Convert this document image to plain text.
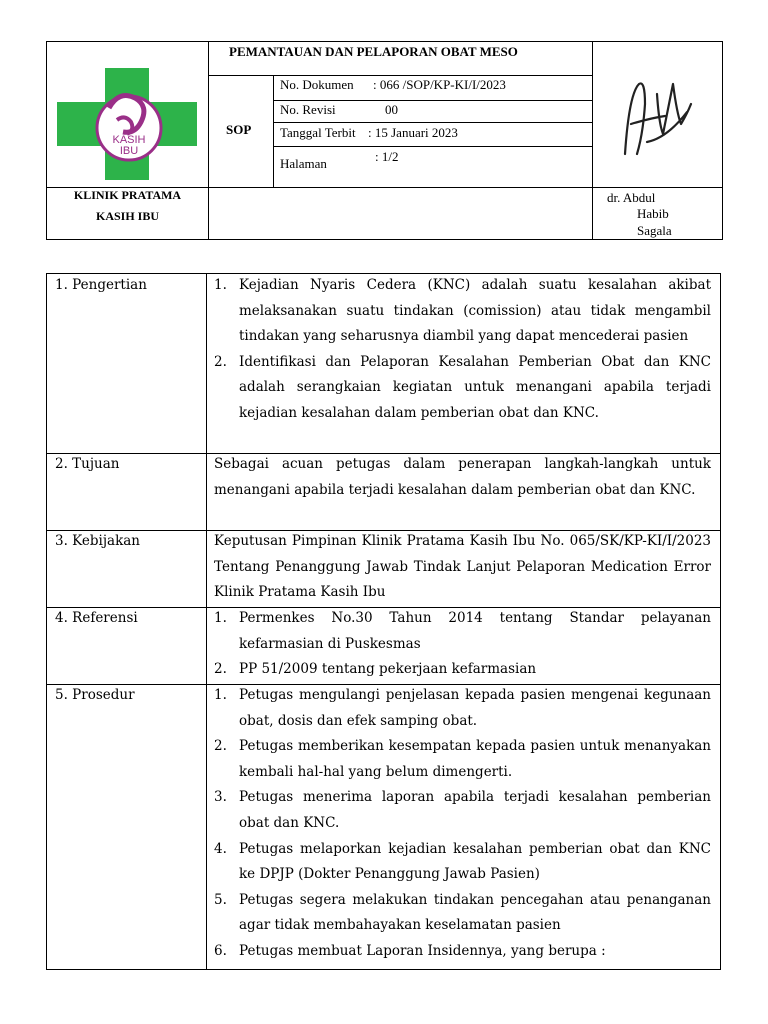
KASIH
IBU
PEMANTAUAN DAN PELAPORAN OBAT MESO
SOP
No. Dokumen : 066 /SOP/KP-KI/I/2023
No. Revisi	00
Tanggal Terbit : 15 Januari 2023
Halaman	: 1/2
KLINIK PRATAMA
KASIH IBU
dr. Abdul
Habib
Sagala
1. Pengertian	1. Kejadian Nyaris Cedera (KNC) adalah suatu kesalahan akibat melaksanakan suatu tindakan (comission) atau tidak mengambil tindakan yang seharusnya diambil yang dapat mencederai pasien
2. Identifikasi dan Pelaporan Kesalahan Pemberian Obat dan KNC adalah serangkaian kegiatan untuk menangani apabila terjadi kejadian kesalahan dalam pemberian obat dan KNC.
2. Tujuan	Sebagai acuan petugas dalam penerapan langkah-langkah untuk menangani apabila terjadi kesalahan dalam pemberian obat dan KNC.

3. Kebijakan	Keputusan Pimpinan Klinik Pratama Kasih Ibu No. 065/SK/KP-KI/I/2023 Tentang Penanggung Jawab Tindak Lanjut Pelaporan Medication Error Klinik Pratama Kasih Ibu

4. Referensi	1. Permenkes No.30 Tahun 2014 tentang Standar pelayanan kefarmasian di Puskesmas
2. PP 51/2009 tentang pekerjaan kefarmasian
5. Prosedur	1. Petugas mengulangi penjelasan kepada pasien mengenai kegunaan obat, dosis dan efek samping obat.
2. Petugas memberikan kesempatan kepada pasien untuk menanyakan kembali hal-hal yang belum dimengerti.
3. Petugas menerima laporan apabila terjadi kesalahan pemberian obat dan KNC.
4. Petugas melaporkan kejadian kesalahan pemberian obat dan KNC ke DPJP (Dokter Penanggung Jawab Pasien)
5. Petugas segera melakukan tindakan pencegahan atau penanganan agar tidak membahayakan keselamatan pasien
6. Petugas membuat Laporan Insidennya, yang berupa :
